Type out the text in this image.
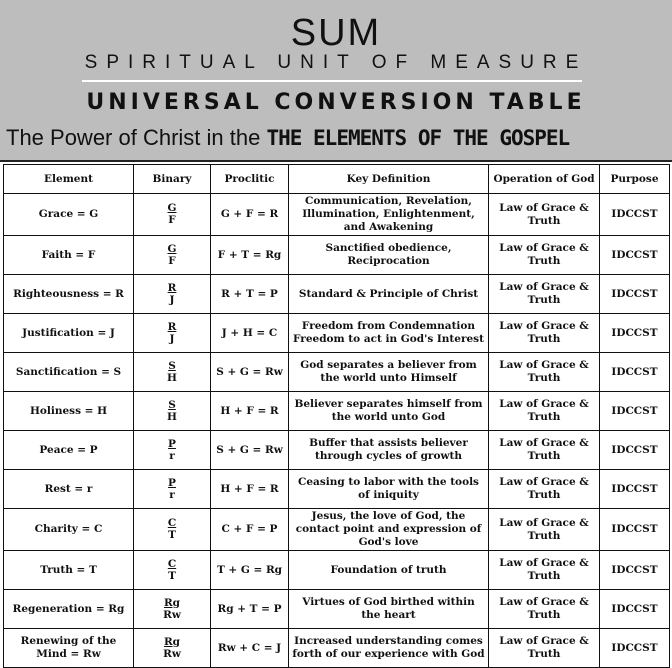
SUM
SPIRITUAL UNIT OF MEASURE
UNIVERSAL CONVERSION TABLE
The Power of Christ in the THE ELEMENTS OF THE GOSPEL
Element	Binary	Proclitic	Key Definition	Operation of God	Purpose
Grace = G	$\frac{G}{F}$	G + F = R	Communication, Revelation, Illumination, Enlightenment, and Awakening	Law of Grace & Truth	IDCCST
Faith = F	$\frac{G}{F}$	F + T = Rg	Sanctified obedience, Reciprocation	Law of Grace & Truth	IDCCST
Righteousness = R	$\frac{R}{J}$	R + T = P	Standard & Principle of Christ	Law of Grace & Truth	IDCCST
Justification = J	$\frac{R}{J}$	J + H = C	Freedom from Condemnation Freedom to act in God's Interest	Law of Grace & Truth	IDCCST
Sanctification = S	$\frac{S}{H}$	S + G = Rw	God separates a believer from the world unto Himself	Law of Grace & Truth	IDCCST
Holiness = H	$\frac{S}{H}$	H + F = R	Believer separates himself from the world unto God	Law of Grace & Truth	IDCCST
Peace = P	$\frac{P}{r}$	S + G = Rw	Buffer that assists believer through cycles of growth	Law of Grace & Truth	IDCCST
Rest = r	$\frac{P}{r}$	H + F = R	Ceasing to labor with the tools of iniquity	Law of Grace & Truth	IDCCST
Charity = C	$\frac{C}{T}$	C + F = P	Jesus, the love of God, the contact point and expression of God's love	Law of Grace & Truth	IDCCST
Truth = T	$\frac{C}{T}$	T + G = Rg	Foundation of truth	Law of Grace & Truth	IDCCST
Regeneration = Rg	$\frac{Rg}{Rw}$	Rg + T = P	Virtues of God birthed within the heart	Law of Grace & Truth	IDCCST
Renewing of the Mind = Rw	$\frac{Rg}{Rw}$	Rw + C = J	Increased understanding comes forth of our experience with God	Law of Grace & Truth	IDCCST
